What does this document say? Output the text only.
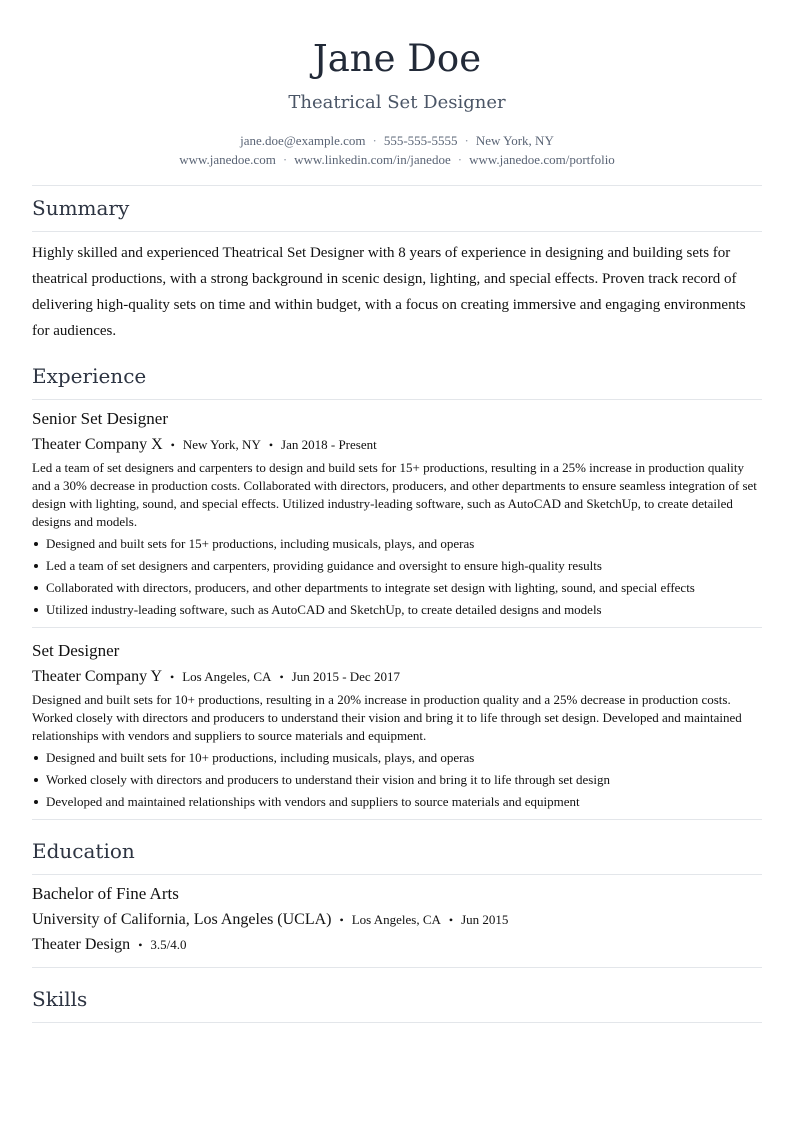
Jane Doe
Theatrical Set Designer
jane.doe@example.com · 555-555-5555 · New York, NY
www.janedoe.com · www.linkedin.com/in/janedoe · www.janedoe.com/portfolio
Summary
Highly skilled and experienced Theatrical Set Designer with 8 years of experience in designing and building sets for theatrical productions, with a strong background in scenic design, lighting, and special effects. Proven track record of delivering high-quality sets on time and within budget, with a focus on creating immersive and engaging environments for audiences.
Experience
Senior Set Designer
Theater Company X • New York, NY • Jan 2018 - Present
Led a team of set designers and carpenters to design and build sets for 15+ productions, resulting in a 25% increase in production quality and a 30% decrease in production costs. Collaborated with directors, producers, and other departments to ensure seamless integration of set design with lighting, sound, and special effects. Utilized industry-leading software, such as AutoCAD and SketchUp, to create detailed designs and models.
Designed and built sets for 15+ productions, including musicals, plays, and operas
Led a team of set designers and carpenters, providing guidance and oversight to ensure high-quality results
Collaborated with directors, producers, and other departments to integrate set design with lighting, sound, and special effects
Utilized industry-leading software, such as AutoCAD and SketchUp, to create detailed designs and models
Set Designer
Theater Company Y • Los Angeles, CA • Jun 2015 - Dec 2017
Designed and built sets for 10+ productions, resulting in a 20% increase in production quality and a 25% decrease in production costs. Worked closely with directors and producers to understand their vision and bring it to life through set design. Developed and maintained relationships with vendors and suppliers to source materials and equipment.
Designed and built sets for 10+ productions, including musicals, plays, and operas
Worked closely with directors and producers to understand their vision and bring it to life through set design
Developed and maintained relationships with vendors and suppliers to source materials and equipment
Education
Bachelor of Fine Arts
University of California, Los Angeles (UCLA) • Los Angeles, CA • Jun 2015
Theater Design • 3.5/4.0
Skills
